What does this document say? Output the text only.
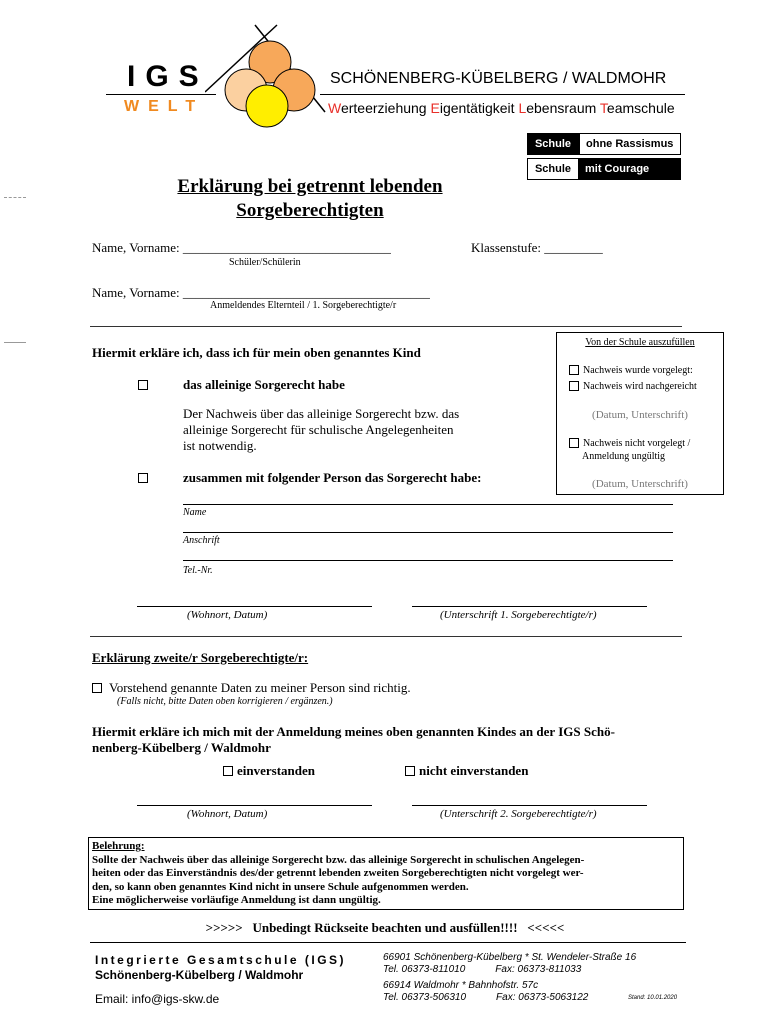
IGS
WELT
SCHÖNENBERG-KÜBELBERG / WALDMOHR
Werteerziehung Eigentätigkeit Lebensraum Teamschule
Schule	ohne Rassismus
Schule	mit Courage
Erklärung bei getrennt lebenden
Sorgeberechtigten
Name, Vorname: ________________________________
Schüler/Schülerin
Klassenstufe: _________
Name, Vorname: ______________________________________
Anmeldendes Elternteil / 1. Sorgeberechtigte/r
Hiermit erkläre ich, dass ich für mein oben genanntes Kind
das alleinige Sorgerecht habe
Der Nachweis über das alleinige Sorgerecht bzw. das
alleinige Sorgerecht für schulische Angelegenheiten
ist notwendig.
zusammen mit folgender Person das Sorgerecht habe:
Name
Anschrift
Tel.-Nr.
(Wohnort, Datum)	(Unterschrift 1. Sorgeberechtigte/r)
Von der Schule auszufüllen
Nachweis wurde vorgelegt:
Nachweis wird nachgereicht
(Datum, Unterschrift)
Nachweis nicht vorgelegt /
Anmeldung ungültig
(Datum, Unterschrift)
Erklärung zweite/r Sorgeberechtigte/r:
Vorstehend genannte Daten zu meiner Person sind richtig.
(Falls nicht, bitte Daten oben korrigieren / ergänzen.)
Hiermit erkläre ich mich mit der Anmeldung meines oben genannten Kindes an der IGS Schö-
nenberg-Kübelberg / Waldmohr
einverstanden	nicht einverstanden
(Wohnort, Datum)	(Unterschrift 2. Sorgeberechtigte/r)
Belehrung:
Sollte der Nachweis über das alleinige Sorgerecht bzw. das alleinige Sorgerecht in schulischen Angelegen-
heiten oder das Einverständnis des/der getrennt lebenden zweiten Sorgeberechtigten nicht vorgelegt wer-
den, so kann oben genanntes Kind nicht in unsere Schule aufgenommen werden.
Eine möglicherweise vorläufige Anmeldung ist dann ungültig.
>>>>>   Unbedingt Rückseite beachten und ausfüllen!!!!   <<<<<
Integrierte Gesamtschule (IGS)
Schönenberg-Kübelberg / Waldmohr
Email: info@igs-skw.de
66901 Schönenberg-Kübelberg * St. Wendeler-Straße 16
Tel. 06373-811010	Fax: 06373-811033
66914 Waldmohr * Bahnhofstr. 57c
Tel. 06373-506310	Fax: 06373-5063122	Stand: 10.01.2020
